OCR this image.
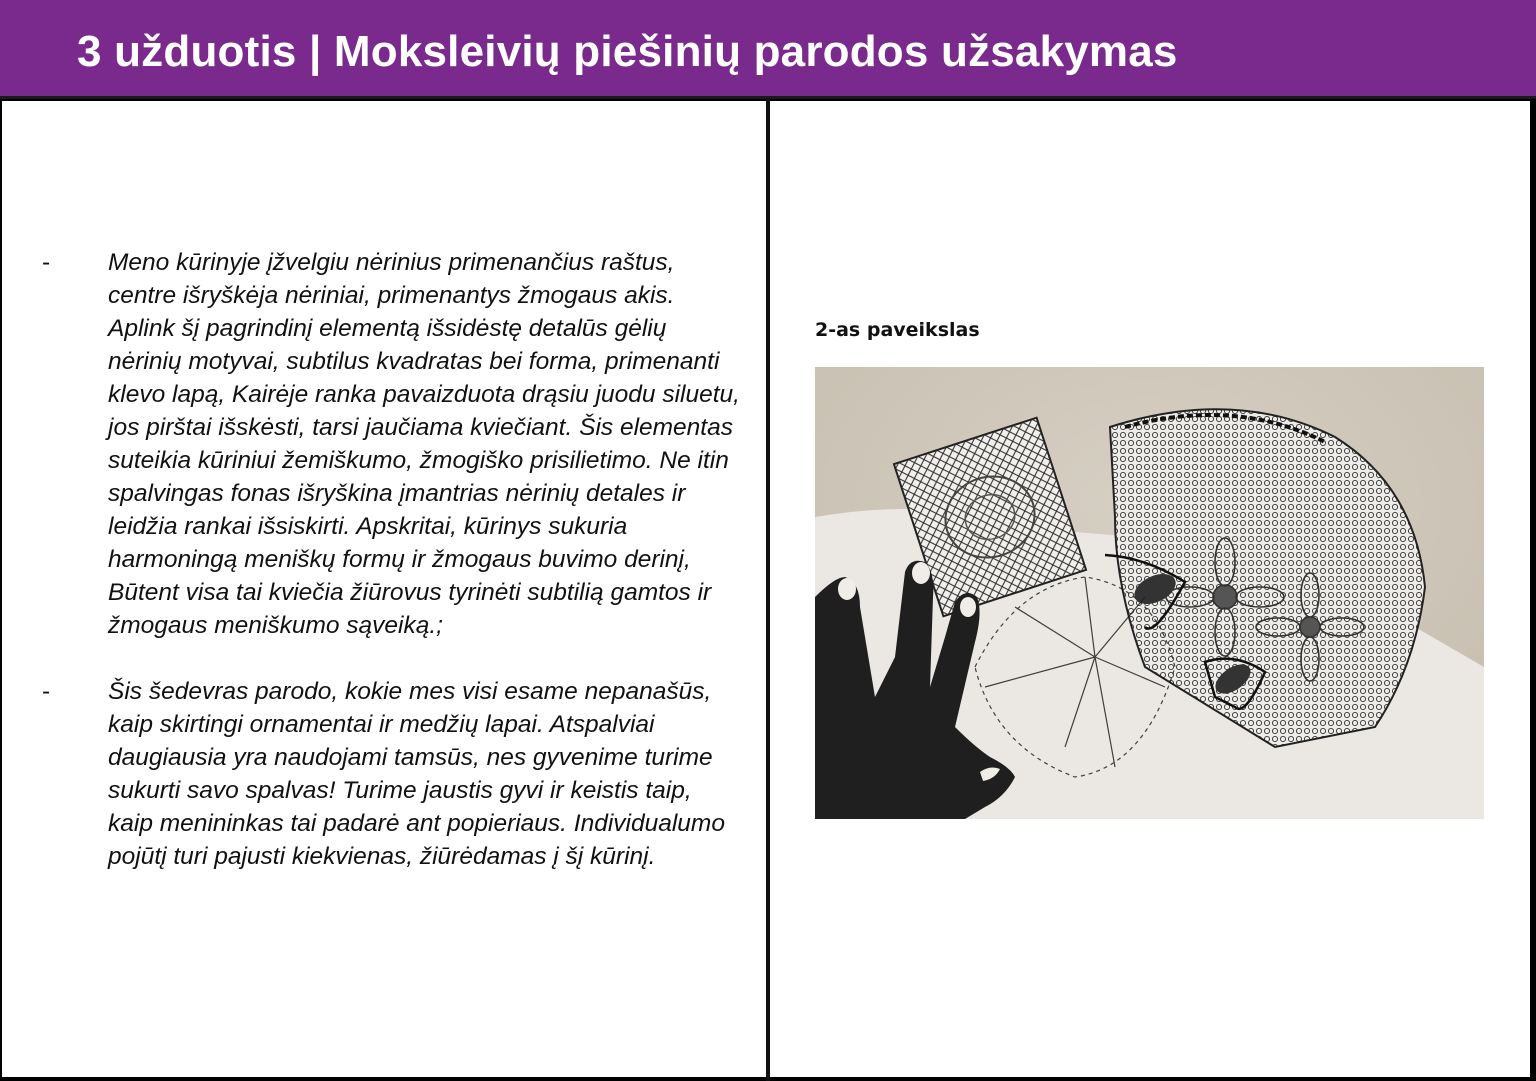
3 užduotis | Moksleivių piešinių parodos užsakymas
- Meno kūrinyje įžvelgiu nėrinius primenančius raštus, centre išryškėja nėriniai, primenantys žmogaus akis. Aplink šį pagrindinį elementą išsidėstę detalūs gėlių nėrinių motyvai, subtilus kvadratas bei forma, primenanti klevo lapą, Kairėje ranka pavaizduota drąsiu juodu siluetu, jos pirštai išskėsti, tarsi jaučiama kviečiant. Šis elementas suteikia kūriniui žemiškumo, žmogiško prisilietimo. Ne itin spalvingas fonas išryškina įmantrias nėrinių detales ir leidžia rankai išsiskirti. Apskritai, kūrinys sukuria harmoningą meniškų formų ir žmogaus buvimo derinį, Būtent visa tai kviečia žiūrovus tyrinėti subtilią gamtos ir žmogaus meniškumo sąveiką.;
- Šis šedevras parodo, kokie mes visi esame nepanašūs, kaip skirtingi ornamentai ir medžių lapai. Atspalviai daugiausia yra naudojami tamsūs, nes gyvenime turime sukurti savo spalvas! Turime jaustis gyvi ir keistis taip, kaip menininkas tai padarė ant popieriaus. Individualumo pojūtį turi pajusti kiekvienas, žiūrėdamas į šį kūrinį.
2-as paveikslas
